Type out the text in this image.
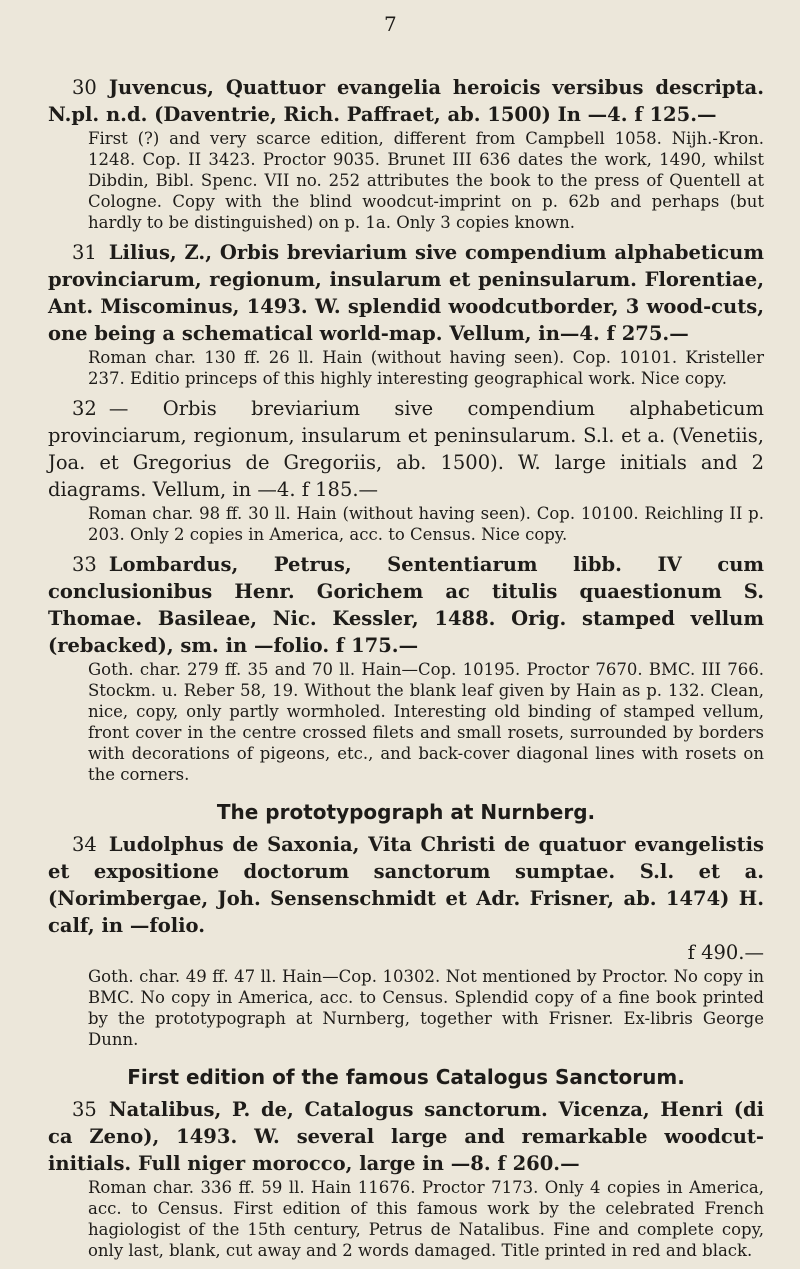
7

30 Juvencus, Quattuor evangelia heroicis versibus descripta. N.pl. n.d. (Daventrie, Rich. Paffraet, ab. 1500) In —4. f 125.—

First (?) and very scarce edition, different from Campbell 1058. Nijh.-Kron. 1248. Cop. II 3423. Proctor 9035. Brunet III 636 dates the work, 1490, whilst Dibdin, Bibl. Spenc. VII no. 252 attributes the book to the press of Quentell at Cologne. Copy with the blind woodcut-imprint on p. 62b and perhaps (but hardly to be distinguished) on p. 1a. Only 3 copies known.

31 Lilius, Z., Orbis breviarium sive compendium alphabeticum provinciarum, regionum, insularum et peninsularum. Florentiae, Ant. Miscominus, 1493. W. splendid woodcutborder, 3 wood-cuts, one being a schematical world-map. Vellum, in—4. f 275.—

Roman char. 130 ff. 26 ll. Hain (without having seen). Cop. 10101. Kristeller 237. Editio princeps of this highly interesting geographical work. Nice copy.

32 — Orbis breviarium sive compendium alphabeticum provinciarum, regionum, insularum et peninsularum. S.l. et a. (Venetiis, Joa. et Gregorius de Gregoriis, ab. 1500). W. large initials and 2 diagrams. Vellum, in —4. f 185.—

Roman char. 98 ff. 30 ll. Hain (without having seen). Cop. 10100. Reichling II p. 203. Only 2 copies in America, acc. to Census. Nice copy.

33 Lombardus, Petrus, Sententiarum libb. IV cum conclusionibus Henr. Gorichem ac titulis quaestionum S. Thomae. Basileae, Nic. Kessler, 1488. Orig. stamped vellum (rebacked), sm. in —folio. f 175.—

Goth. char. 279 ff. 35 and 70 ll. Hain—Cop. 10195. Proctor 7670. BMC. III 766. Stockm. u. Reber 58, 19. Without the blank leaf given by Hain as p. 132. Clean, nice, copy, only partly wormholed. Interesting old binding of stamped vellum, front cover in the centre crossed filets and small rosets, surrounded by borders with decorations of pigeons, etc., and back-cover diagonal lines with rosets on the corners.

The prototypograph at Nurnberg.

34 Ludolphus de Saxonia, Vita Christi de quatuor evangelistis et expositione doctorum sanctorum sumptae. S.l. et a. (Norimbergae, Joh. Sensenschmidt et Adr. Frisner, ab. 1474) H. calf, in —folio.

f 490.—

Goth. char. 49 ff. 47 ll. Hain—Cop. 10302. Not mentioned by Proctor. No copy in BMC. No copy in America, acc. to Census. Splendid copy of a fine book printed by the prototypograph at Nurnberg, together with Frisner. Ex-libris George Dunn.

First edition of the famous Catalogus Sanctorum.

35 Natalibus, P. de, Catalogus sanctorum. Vicenza, Henri (di ca Zeno), 1493. W. several large and remarkable woodcut-initials. Full niger morocco, large in —8. f 260.—

Roman char. 336 ff. 59 ll. Hain 11676. Proctor 7173. Only 4 copies in America, acc. to Census. First edition of this famous work by the celebrated French hagiologist of the 15th century, Petrus de Natalibus. Fine and complete copy, only last, blank, cut away and 2 words damaged. Title printed in red and black.
